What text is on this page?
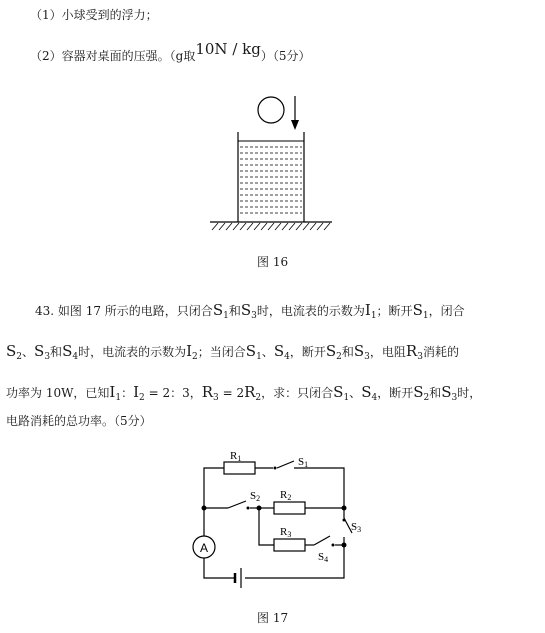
（1）小球受到的浮力；
（2）容器对桌面的压强。（g取10N / kg）（5分）
图 16
43. 如图 17 所示的电路，只闭合$S_1$和$S_3$时，电流表的示数为$I_1$；断开$S_1$，闭合
$S_2$、$S_3$和$S_4$时，电流表的示数为$I_2$；当闭合$S_1$、$S_4$，断开$S_2$和$S_3$，电阻$R_3$消耗的
功率为 10W，已知$I_1$：$I_2 = 2$：3，$R_3 = 2R_2$，求：只闭合$S_1$、$S_4$，断开$S_2$和$S_3$时，
电路消耗的总功率。（5分）
A
R1	S1
S2 R2
R3
S3
S4
图 17
